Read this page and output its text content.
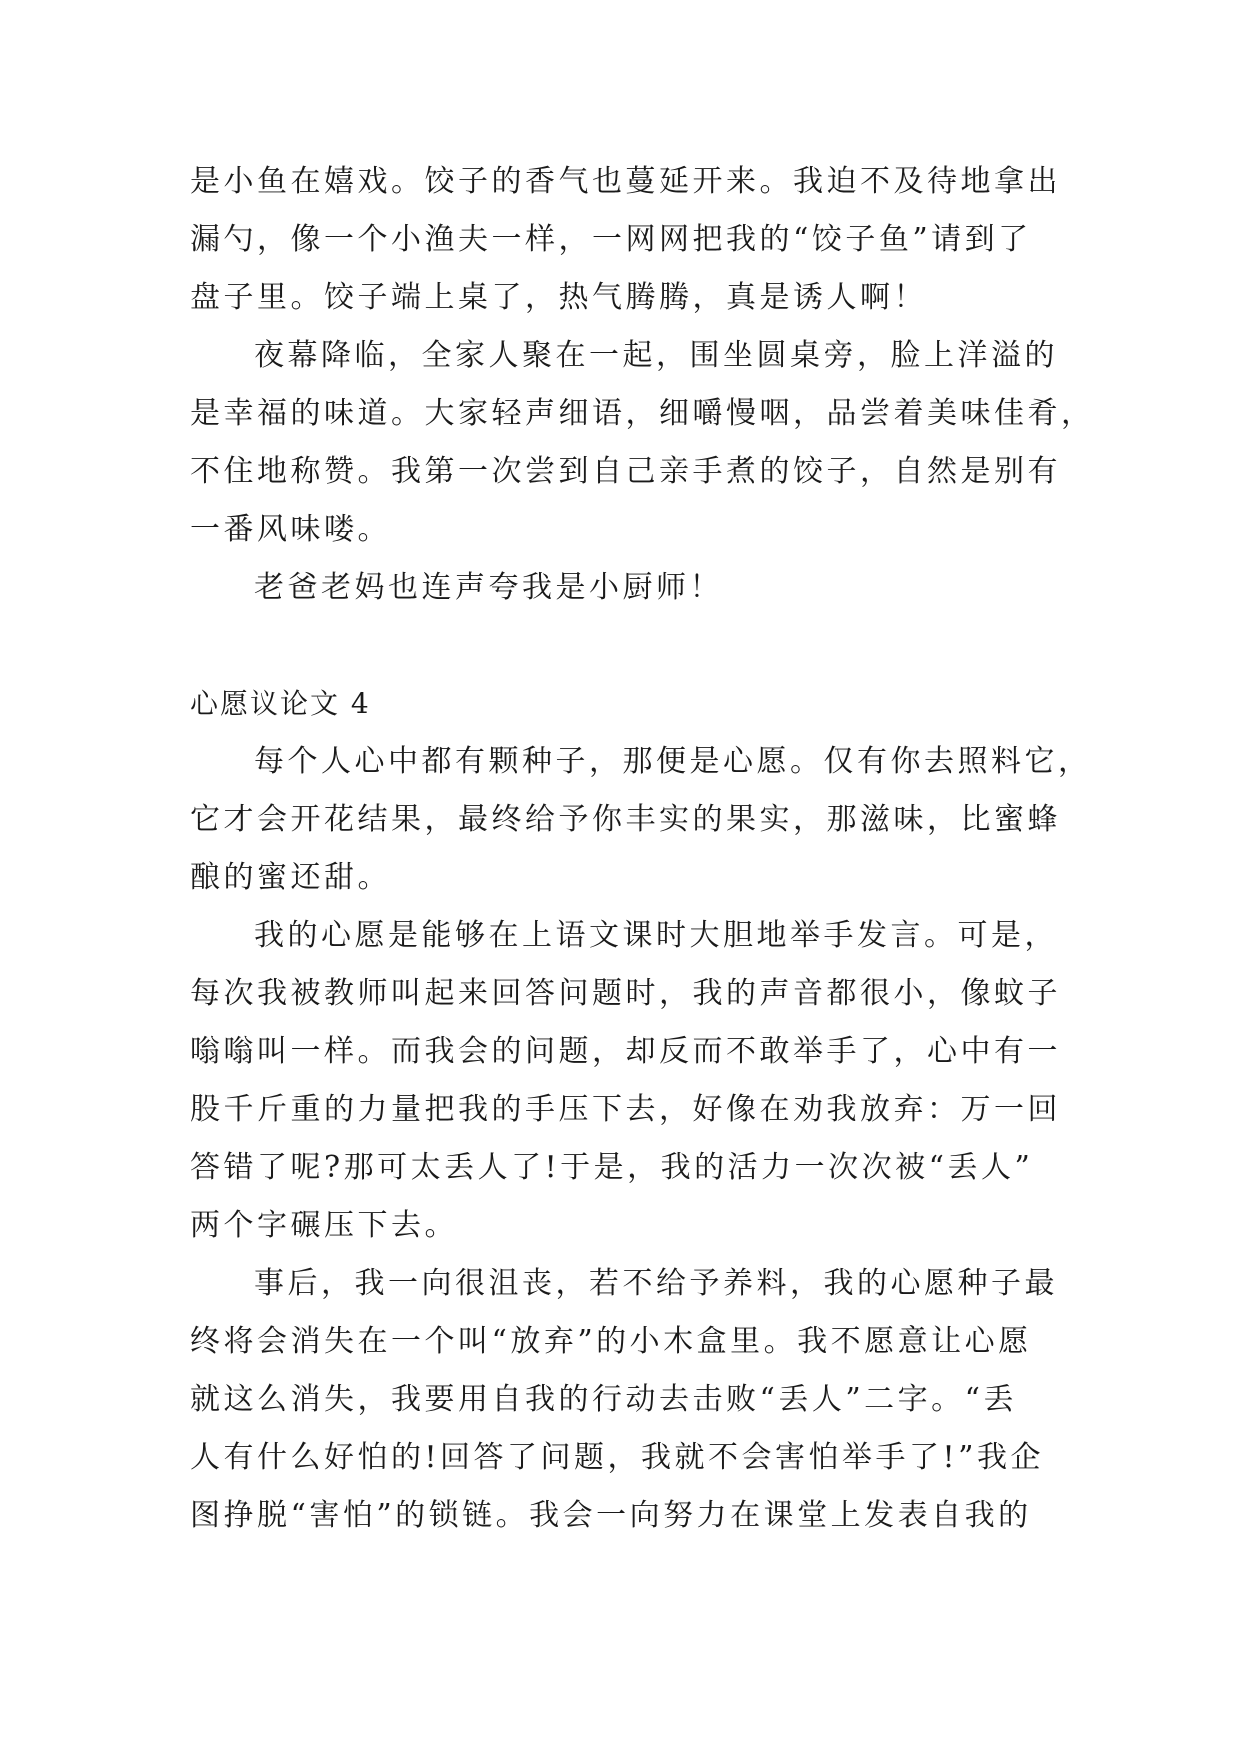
是小鱼在嬉戏。饺子的香气也蔓延开来。我迫不及待地拿出
漏勺，像一个小渔夫一样，一网网把我的“饺子鱼”请到了
盘子里。饺子端上桌了，热气腾腾，真是诱人啊！
夜幕降临，全家人聚在一起，围坐圆桌旁，脸上洋溢的
是幸福的味道。大家轻声细语，细嚼慢咽，品尝着美味佳肴，
不住地称赞。我第一次尝到自己亲手煮的饺子，自然是别有
一番风味喽。
老爸老妈也连声夸我是小厨师！
心愿议论文 4
每个人心中都有颗种子，那便是心愿。仅有你去照料它，
它才会开花结果，最终给予你丰实的果实，那滋味，比蜜蜂
酿的蜜还甜。
我的心愿是能够在上语文课时大胆地举手发言。可是，
每次我被教师叫起来回答问题时，我的声音都很小，像蚊子
嗡嗡叫一样。而我会的问题，却反而不敢举手了，心中有一
股千斤重的力量把我的手压下去，好像在劝我放弃：万一回
答错了呢?那可太丢人了!于是，我的活力一次次被“丢人”
两个字碾压下去。
事后，我一向很沮丧，若不给予养料，我的心愿种子最
终将会消失在一个叫“放弃”的小木盒里。我不愿意让心愿
就这么消失，我要用自我的行动去击败“丢人”二字。“丢
人有什么好怕的!回答了问题，我就不会害怕举手了!”我企
图挣脱“害怕”的锁链。我会一向努力在课堂上发表自我的
